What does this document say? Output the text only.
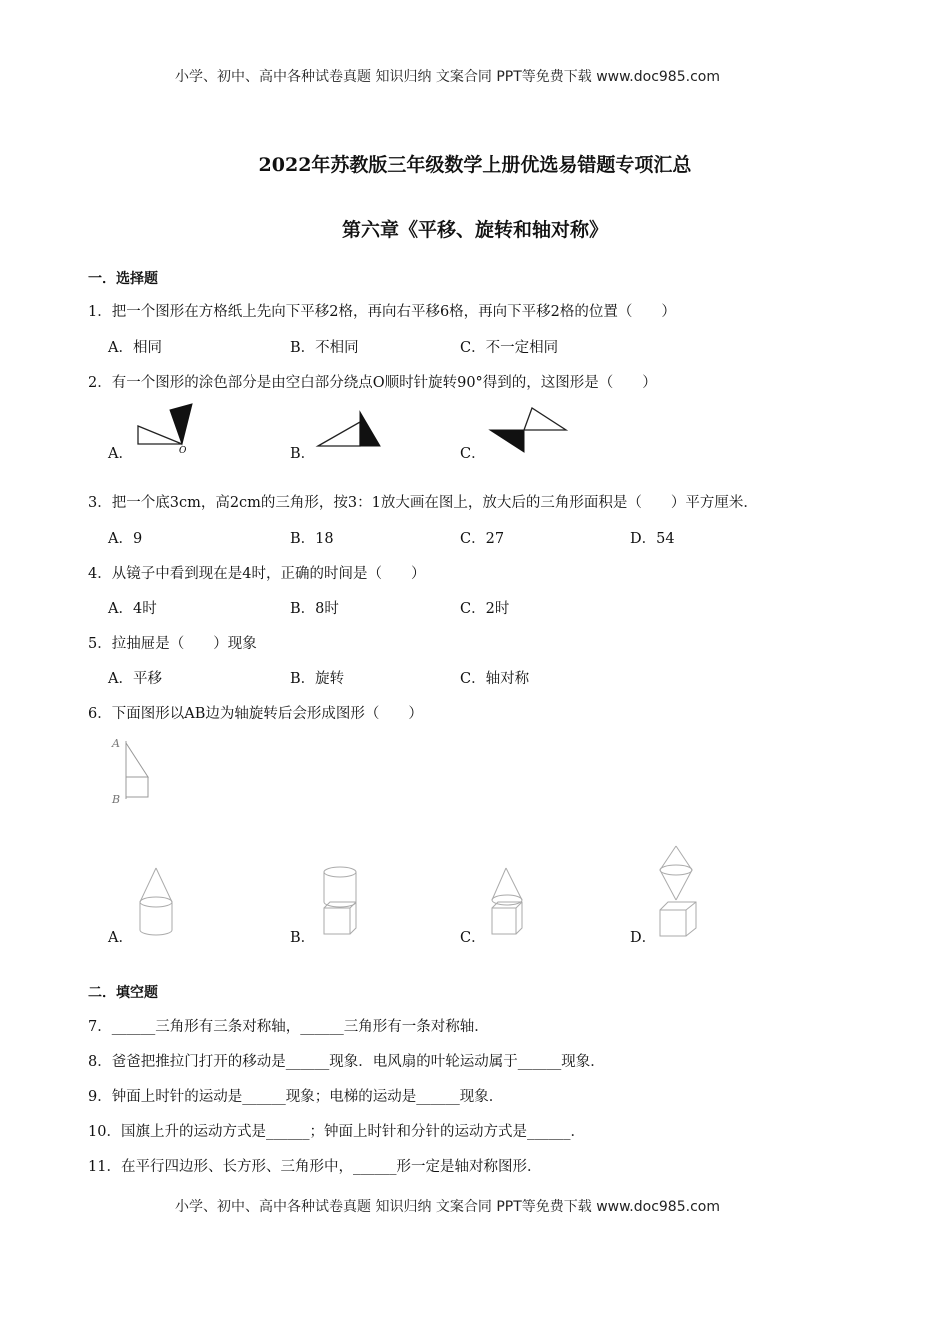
小学、初中、高中各种试卷真题 知识归纳 文案合同 PPT等免费下载 www.doc985.com
2022年苏教版三年级数学上册优选易错题专项汇总
第六章《平移、旋转和轴对称》
一．选择题
1．把一个图形在方格纸上先向下平移2格，再向右平移6格，再向下平移2格的位置（　　）
A．相同	B．不相同	C．不一定相同
2．有一个图形的涂色部分是由空白部分绕点O顺时针旋转90°得到的，这图形是（　　）
A．	B．	C．
O
3．把一个底3cm，高2cm的三角形，按3：1放大画在图上，放大后的三角形面积是（　　）平方厘米．
A．9	B．18	C．27	D．54
4．从镜子中看到现在是4时，正确的时间是（　　）
A．4时	B．8时	C．2时
5．拉抽屉是（　　）现象
A．平移	B．旋转	C．轴对称
6．下面图形以AB边为轴旋转后会形成图形（　　）
A
B
A．	B．	C．	D．
二．填空题
7．______三角形有三条对称轴，______三角形有一条对称轴．
8．爸爸把推拉门打开的移动是______现象．电风扇的叶轮运动属于______现象．
9．钟面上时针的运动是______现象；电梯的运动是______现象．
10．国旗上升的运动方式是______；钟面上时针和分针的运动方式是______．
11．在平行四边形、长方形、三角形中，______形一定是轴对称图形．
小学、初中、高中各种试卷真题 知识归纳 文案合同 PPT等免费下载 www.doc985.com
